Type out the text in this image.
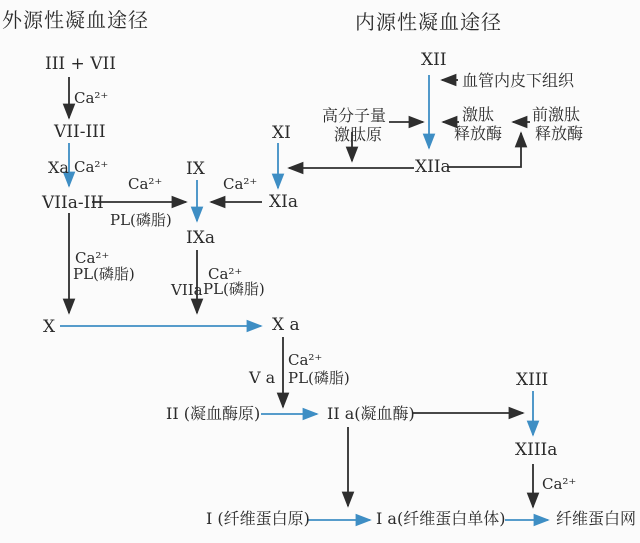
外源性凝血途径	内源性凝血途径
III + VII
Ca²⁺
VII-III
Xa Ca²⁺
VIIa-III
Ca²⁺
PL(磷脂)
Ca²⁺
PL(磷脂)
IX
Ca²⁺
XIa
IXa
Ca²⁺
VIIa PL(磷脂)
X	X a
XI
XII
血管内皮下组织
高分子量
激肽原
激肽
释放酶
前激肽
释放酶
XIIa
Ca²⁺
V a PL(磷脂)
II (凝血酶原)	II a(凝血酶)
XIII
XIIIa
Ca²⁺
I (纤维蛋白原)	I a(纤维蛋白单体)	纤维蛋白网
